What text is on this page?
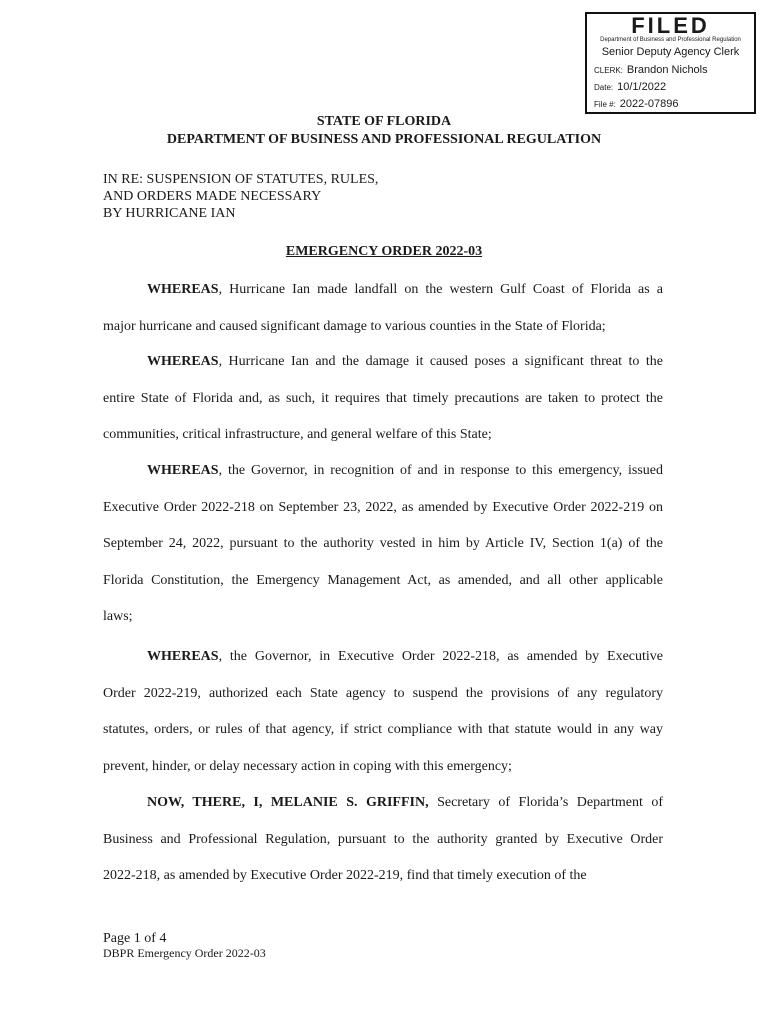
FILED
Department of Business and Professional Regulation
Senior Deputy Agency Clerk
CLERK: Brandon Nichols
Date: 10/1/2022
File #: 2022-07896
STATE OF FLORIDA
DEPARTMENT OF BUSINESS AND PROFESSIONAL REGULATION
IN RE: SUSPENSION OF STATUTES, RULES,
AND ORDERS MADE NECESSARY
BY HURRICANE IAN
EMERGENCY ORDER 2022-03
WHEREAS, Hurricane Ian made landfall on the western Gulf Coast of Florida as a
major hurricane and caused significant damage to various counties in the State of Florida;
WHEREAS, Hurricane Ian and the damage it caused poses a significant threat to the
entire State of Florida and, as such, it requires that timely precautions are taken to protect the
communities, critical infrastructure, and general welfare of this State;
WHEREAS, the Governor, in recognition of and in response to this emergency, issued
Executive Order 2022-218 on September 23, 2022, as amended by Executive Order 2022-219 on
September 24, 2022, pursuant to the authority vested in him by Article IV, Section 1(a) of the
Florida Constitution, the Emergency Management Act, as amended, and all other applicable
laws;
WHEREAS, the Governor, in Executive Order 2022-218, as amended by Executive
Order 2022-219, authorized each State agency to suspend the provisions of any regulatory
statutes, orders, or rules of that agency, if strict compliance with that statute would in any way
prevent, hinder, or delay necessary action in coping with this emergency;
NOW, THERE, I, MELANIE S. GRIFFIN, Secretary of Florida’s Department of
Business and Professional Regulation, pursuant to the authority granted by Executive Order
2022-218, as amended by Executive Order 2022-219, find that timely execution of the
Page 1 of 4
DBPR Emergency Order 2022-03
